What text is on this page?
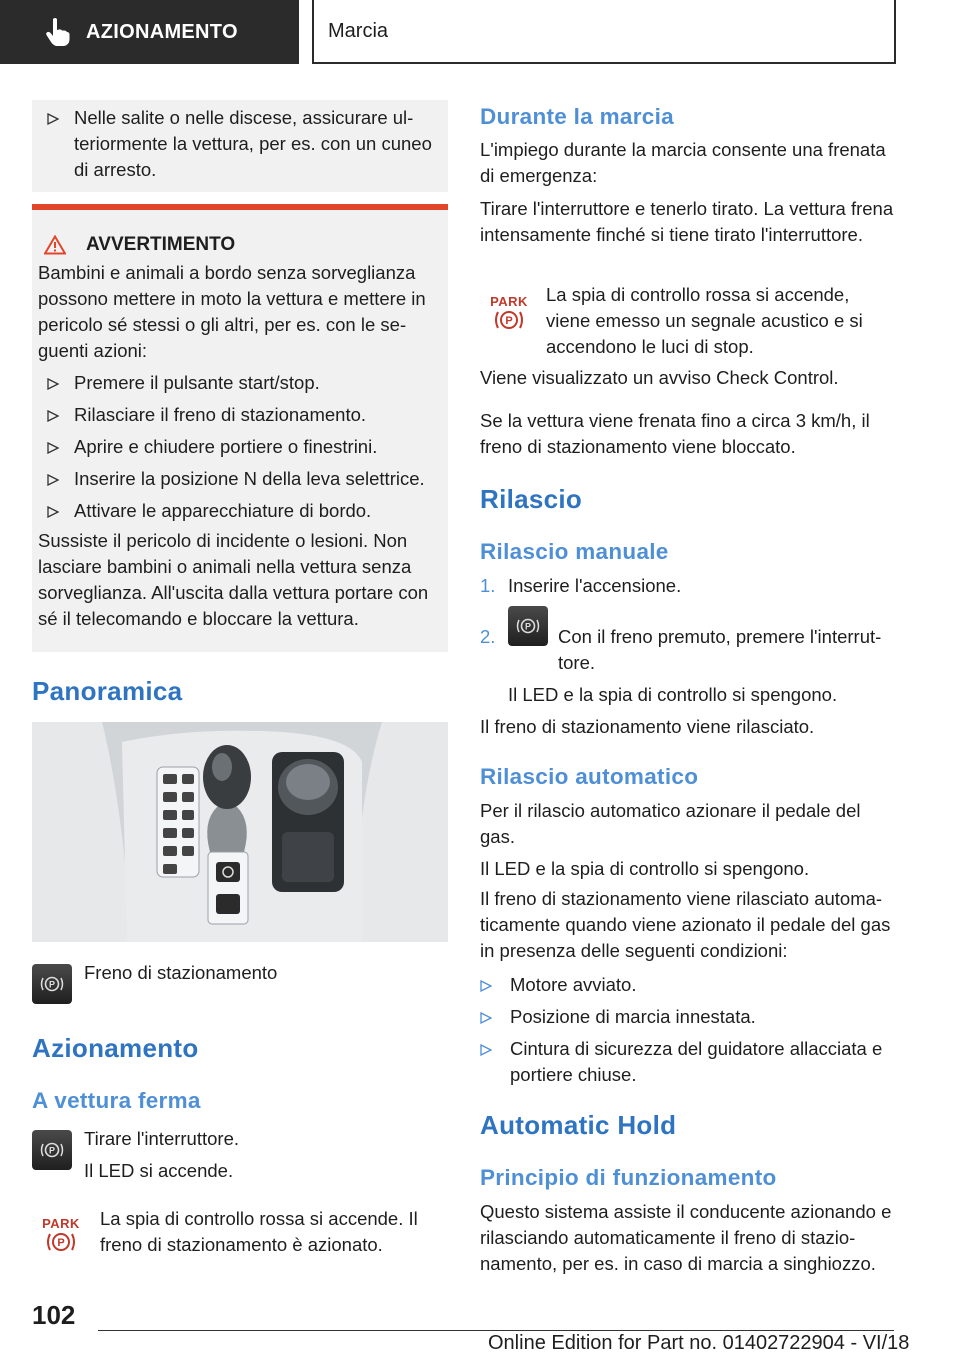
AZIONAMENTO	Marcia
Nelle salite o nelle discese, assicurare ulteriormente la vettura, per es. con un cuneo di arresto.
AVVERTIMENTO

Bambini e animali a bordo senza sorveglianza possono mettere in moto la vettura e mettere in pericolo sé stessi o gli altri, per es. con le seguenti azioni:

Premere il pulsante start/stop.
Rilasciare il freno di stazionamento.
Aprire e chiudere portiere o finestrini.
Inserire la posizione N della leva selettrice.
Attivare le apparecchiature di bordo.

Sussiste il pericolo di incidente o lesioni. Non lasciare bambini o animali nella vettura senza sorveglianza. All'uscita dalla vettura portare con sé il telecomando e bloccare la vettura.

Panoramica
P

Freno di stazionamento

Azionamento
A vettura ferma
P

Tirare l'interruttore.

Il LED si accende.

PARK
P

La spia di controllo rossa si accende. Il freno di stazionamento è azionato.

Durante la marcia

L'impiego durante la marcia consente una frenata di emergenza:

Tirare l'interruttore e tenerlo tirato. La vettura frena intensamente finché si tiene tirato l'interruttore.

PARK
P

La spia di controllo rossa si accende, viene emesso un segnale acustico e si accendono le luci di stop.

Viene visualizzato un avviso Check Control.

Se la vettura viene frenata fino a circa 3 km/h, il freno di stazionamento viene bloccato.

Rilascio
Rilascio manuale
1. Inserire l'accensione.
2.	P Con il freno premuto, premere l'interruttore.

Il LED e la spia di controllo si spengono.

Il freno di stazionamento viene rilasciato.

Rilascio automatico

Per il rilascio automatico azionare il pedale del gas.

Il LED e la spia di controllo si spengono.

Il freno di stazionamento viene rilasciato automaticamente quando viene azionato il pedale del gas in presenza delle seguenti condizioni:

Motore avviato.
Posizione di marcia innestata.
Cintura di sicurezza del guidatore allacciata e portiere chiuse.
Automatic Hold
Principio di funzionamento

Questo sistema assiste il conducente azionando e rilasciando automaticamente il freno di stazionamento, per es. in caso di marcia a singhiozzo.

102
Online Edition for Part no. 01402722904 - VI/18
